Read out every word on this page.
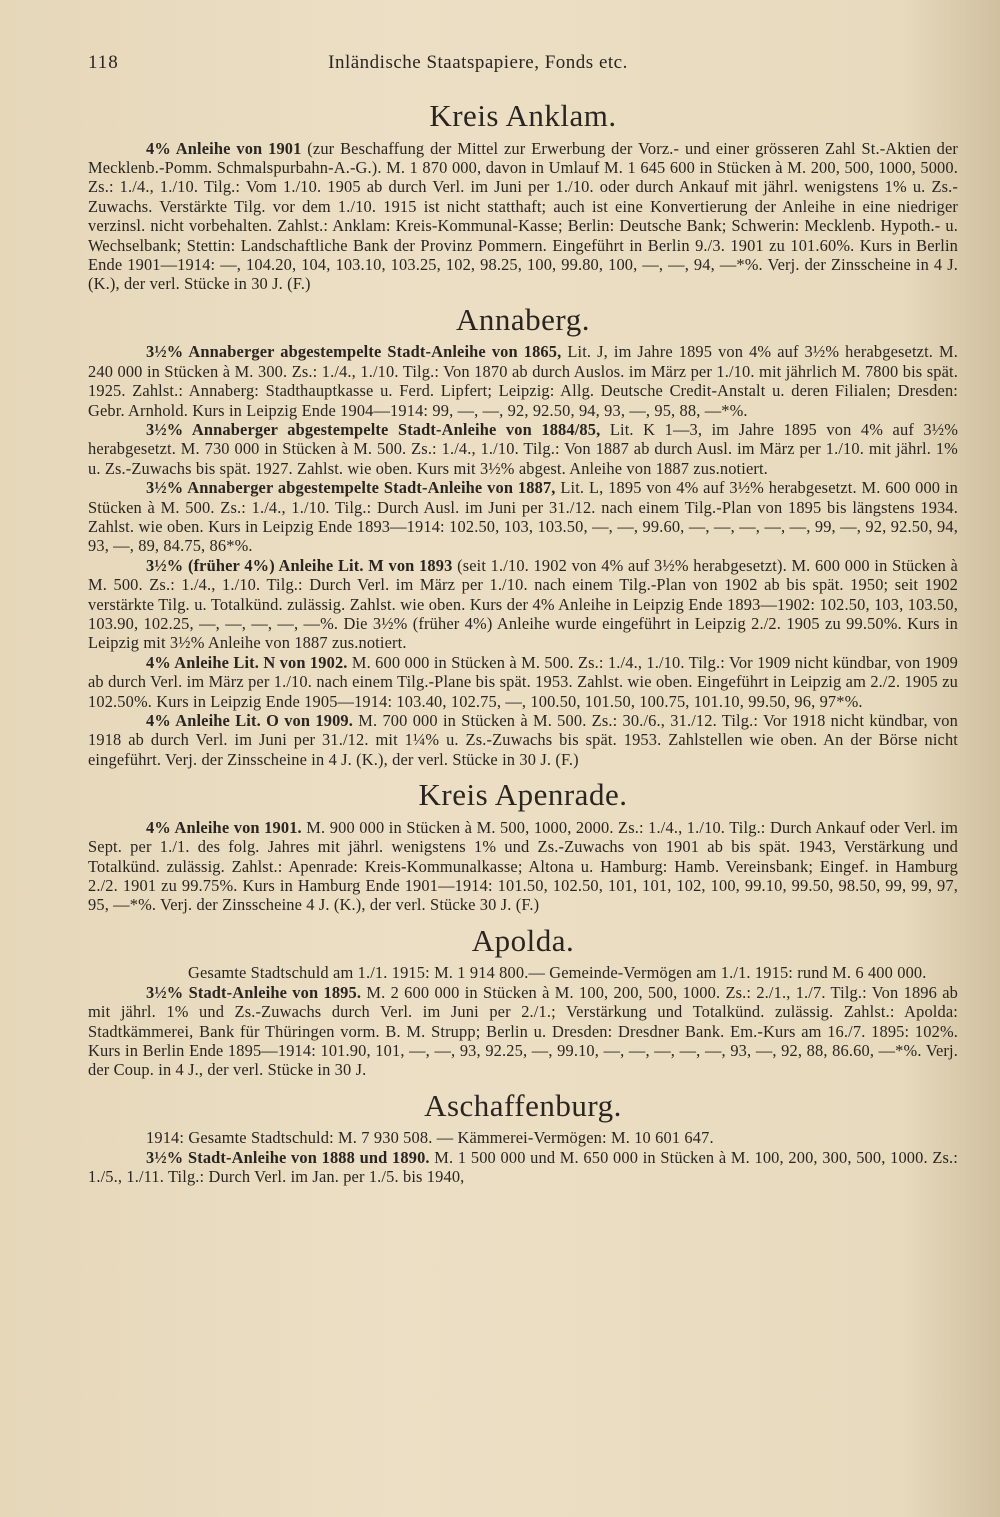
118	Inländische Staatspapiere, Fonds etc.
Kreis Anklam.

4% Anleihe von 1901 (zur Beschaffung der Mittel zur Erwerbung der Vorz.- und einer grösseren Zahl St.-Aktien der Mecklenb.-Pomm. Schmalspurbahn-A.-G.). M. 1 870 000, davon in Umlauf M. 1 645 600 in Stücken à M. 200, 500, 1000, 5000. Zs.: 1./4., 1./10. Tilg.: Vom 1./10. 1905 ab durch Verl. im Juni per 1./10. oder durch Ankauf mit jährl. wenigstens 1% u. Zs.-Zuwachs. Verstärkte Tilg. vor dem 1./10. 1915 ist nicht statthaft; auch ist eine Konvertierung der Anleihe in eine niedriger verzinsl. nicht vorbehalten. Zahlst.: Anklam: Kreis-Kommunal-Kasse; Berlin: Deutsche Bank; Schwerin: Mecklenb. Hypoth.- u. Wechselbank; Stettin: Landschaftliche Bank der Provinz Pommern. Eingeführt in Berlin 9./3. 1901 zu 101.60%. Kurs in Berlin Ende 1901—1914: —, 104.20, 104, 103.10, 103.25, 102, 98.25, 100, 99.80, 100, —, —, 94, —*%. Verj. der Zinsscheine in 4 J. (K.), der verl. Stücke in 30 J. (F.)

Annaberg.

3½% Annaberger abgestempelte Stadt-Anleihe von 1865, Lit. J, im Jahre 1895 von 4% auf 3½% herabgesetzt. M. 240 000 in Stücken à M. 300. Zs.: 1./4., 1./10. Tilg.: Von 1870 ab durch Auslos. im März per 1./10. mit jährlich M. 7800 bis spät. 1925. Zahlst.: Annaberg: Stadthauptkasse u. Ferd. Lipfert; Leipzig: Allg. Deutsche Credit-Anstalt u. deren Filialen; Dresden: Gebr. Arnhold. Kurs in Leipzig Ende 1904—1914: 99, —, —, 92, 92.50, 94, 93, —, 95, 88, —*%.

3½% Annaberger abgestempelte Stadt-Anleihe von 1884/85, Lit. K 1—3, im Jahre 1895 von 4% auf 3½% herabgesetzt. M. 730 000 in Stücken à M. 500. Zs.: 1./4., 1./10. Tilg.: Von 1887 ab durch Ausl. im März per 1./10. mit jährl. 1% u. Zs.-Zuwachs bis spät. 1927. Zahlst. wie oben. Kurs mit 3½% abgest. Anleihe von 1887 zus.notiert.

3½% Annaberger abgestempelte Stadt-Anleihe von 1887, Lit. L, 1895 von 4% auf 3½% herabgesetzt. M. 600 000 in Stücken à M. 500. Zs.: 1./4., 1./10. Tilg.: Durch Ausl. im Juni per 31./12. nach einem Tilg.-Plan von 1895 bis längstens 1934. Zahlst. wie oben. Kurs in Leipzig Ende 1893—1914: 102.50, 103, 103.50, —, —, 99.60, —, —, —, —, —, 99, —, 92, 92.50, 94, 93, —, 89, 84.75, 86*%.

3½% (früher 4%) Anleihe Lit. M von 1893 (seit 1./10. 1902 von 4% auf 3½% herabgesetzt). M. 600 000 in Stücken à M. 500. Zs.: 1./4., 1./10. Tilg.: Durch Verl. im März per 1./10. nach einem Tilg.-Plan von 1902 ab bis spät. 1950; seit 1902 verstärkte Tilg. u. Totalkünd. zulässig. Zahlst. wie oben. Kurs der 4% Anleihe in Leipzig Ende 1893—1902: 102.50, 103, 103.50, 103.90, 102.25, —, —, —, —, —%. Die 3½% (früher 4%) Anleihe wurde eingeführt in Leipzig 2./2. 1905 zu 99.50%. Kurs in Leipzig mit 3½% Anleihe von 1887 zus.notiert.

4% Anleihe Lit. N von 1902. M. 600 000 in Stücken à M. 500. Zs.: 1./4., 1./10. Tilg.: Vor 1909 nicht kündbar, von 1909 ab durch Verl. im März per 1./10. nach einem Tilg.-Plane bis spät. 1953. Zahlst. wie oben. Eingeführt in Leipzig am 2./2. 1905 zu 102.50%. Kurs in Leipzig Ende 1905—1914: 103.40, 102.75, —, 100.50, 101.50, 100.75, 101.10, 99.50, 96, 97*%.

4% Anleihe Lit. O von 1909. M. 700 000 in Stücken à M. 500. Zs.: 30./6., 31./12. Tilg.: Vor 1918 nicht kündbar, von 1918 ab durch Verl. im Juni per 31./12. mit 1¼% u. Zs.-Zuwachs bis spät. 1953. Zahlstellen wie oben. An der Börse nicht eingeführt. Verj. der Zinsscheine in 4 J. (K.), der verl. Stücke in 30 J. (F.)

Kreis Apenrade.

4% Anleihe von 1901. M. 900 000 in Stücken à M. 500, 1000, 2000. Zs.: 1./4., 1./10. Tilg.: Durch Ankauf oder Verl. im Sept. per 1./1. des folg. Jahres mit jährl. wenigstens 1% und Zs.-Zuwachs von 1901 ab bis spät. 1943, Verstärkung und Totalkünd. zulässig. Zahlst.: Apenrade: Kreis-Kommunalkasse; Altona u. Hamburg: Hamb. Vereinsbank; Eingef. in Hamburg 2./2. 1901 zu 99.75%. Kurs in Hamburg Ende 1901—1914: 101.50, 102.50, 101, 101, 102, 100, 99.10, 99.50, 98.50, 99, 99, 97, 95, —*%. Verj. der Zinsscheine 4 J. (K.), der verl. Stücke 30 J. (F.)

Apolda.

Gesamte Stadtschuld am 1./1. 1915: M. 1 914 800.— Gemeinde-Vermögen am 1./1. 1915: rund M. 6 400 000.

3½% Stadt-Anleihe von 1895. M. 2 600 000 in Stücken à M. 100, 200, 500, 1000. Zs.: 2./1., 1./7. Tilg.: Von 1896 ab mit jährl. 1% und Zs.-Zuwachs durch Verl. im Juni per 2./1.; Verstärkung und Totalkünd. zulässig. Zahlst.: Apolda: Stadtkämmerei, Bank für Thüringen vorm. B. M. Strupp; Berlin u. Dresden: Dresdner Bank. Em.-Kurs am 16./7. 1895: 102%. Kurs in Berlin Ende 1895—1914: 101.90, 101, —, —, 93, 92.25, —, 99.10, —, —, —, —, —, 93, —, 92, 88, 86.60, —*%. Verj. der Coup. in 4 J., der verl. Stücke in 30 J.

Aschaffenburg.

1914: Gesamte Stadtschuld: M. 7 930 508. — Kämmerei-Vermögen: M. 10 601 647.

3½% Stadt-Anleihe von 1888 und 1890. M. 1 500 000 und M. 650 000 in Stücken à M. 100, 200, 300, 500, 1000. Zs.: 1./5., 1./11. Tilg.: Durch Verl. im Jan. per 1./5. bis 1940,
